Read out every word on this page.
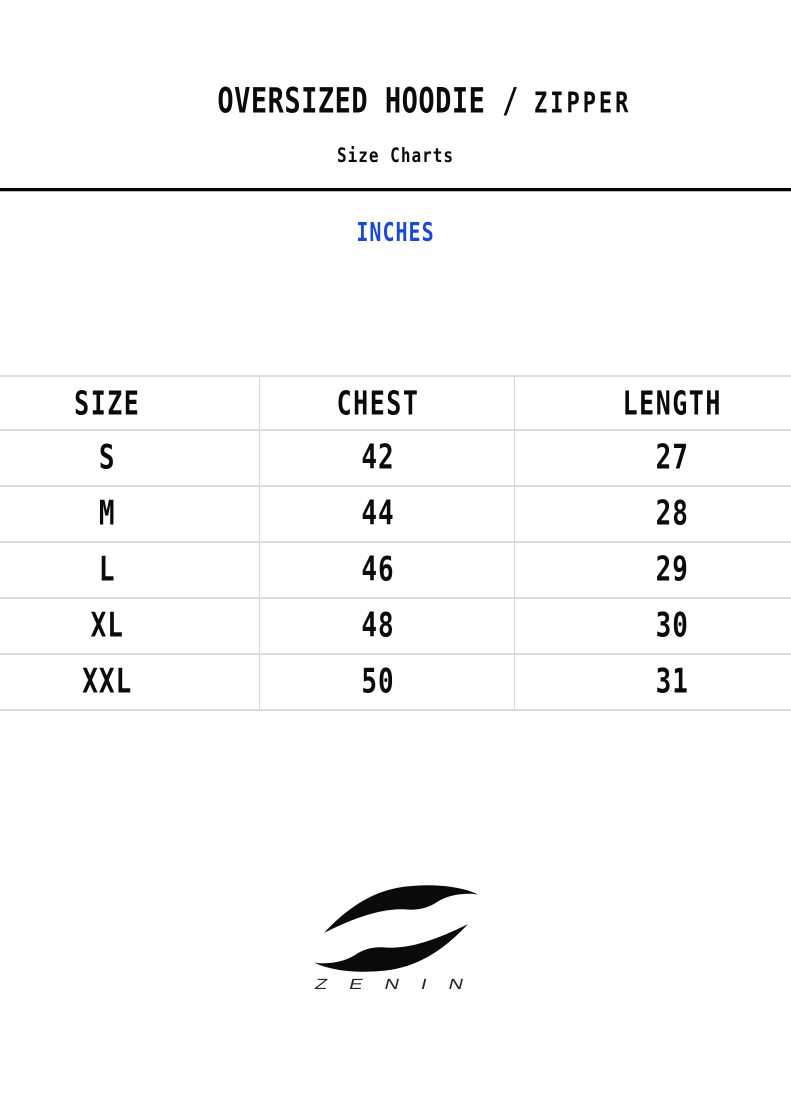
OVERSIZED HOODIE / ZIPPER

Size Charts
INCHES
SIZE	CHEST	LENGTH
S	42	27
M	44	28
L	46	29
XL	48	30
XXL	50	31
ZENIN
